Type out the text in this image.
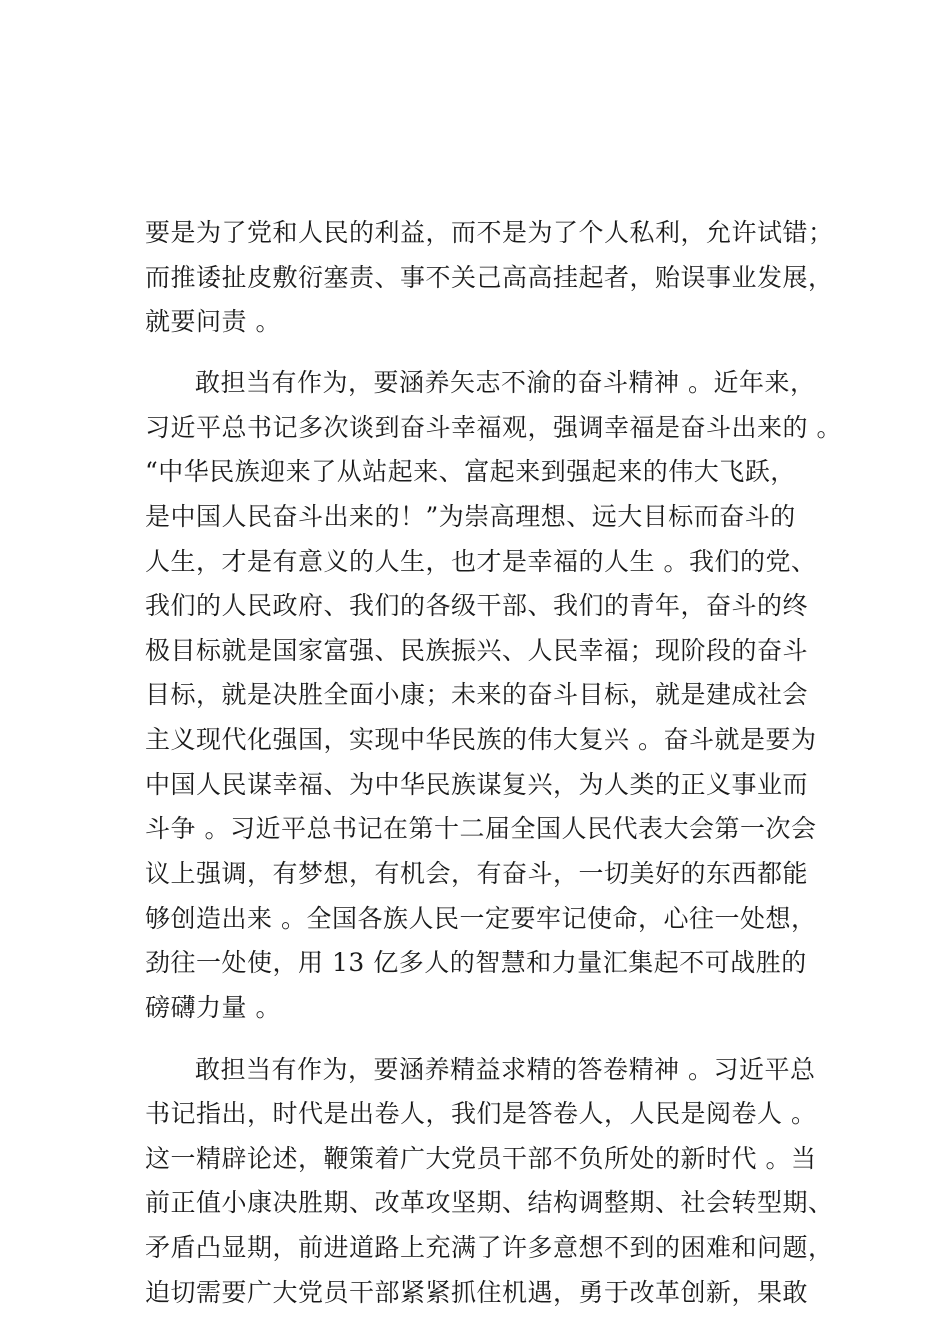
要是为了党和人民的利益，而不是为了个人私利，允许试错；
而推诿扯皮敷衍塞责、事不关己高高挂起者，贻误事业发展，
就要问责 。
敢担当有作为，要涵养矢志不渝的奋斗精神 。近年来，
习近平总书记多次谈到奋斗幸福观，强调幸福是奋斗出来的 。
“中华民族迎来了从站起来、富起来到强起来的伟大飞跃，
是中国人民奋斗出来的！”为崇高理想、远大目标而奋斗的
人生，才是有意义的人生，也才是幸福的人生 。我们的党、
我们的人民政府、我们的各级干部、我们的青年，奋斗的终
极目标就是国家富强、民族振兴、人民幸福；现阶段的奋斗
目标，就是决胜全面小康；未来的奋斗目标，就是建成社会
主义现代化强国，实现中华民族的伟大复兴 。奋斗就是要为
中国人民谋幸福、为中华民族谋复兴，为人类的正义事业而
斗争 。习近平总书记在第十二届全国人民代表大会第一次会
议上强调，有梦想，有机会，有奋斗，一切美好的东西都能
够创造出来 。全国各族人民一定要牢记使命，心往一处想，
劲往一处使，用 13 亿多人的智慧和力量汇集起不可战胜的
磅礴力量 。
敢担当有作为，要涵养精益求精的答卷精神 。习近平总
书记指出，时代是出卷人，我们是答卷人，人民是阅卷人 。
这一精辟论述，鞭策着广大党员干部不负所处的新时代 。当
前正值小康决胜期、改革攻坚期、结构调整期、社会转型期、
矛盾凸显期，前进道路上充满了许多意想不到的困难和问题，
迫切需要广大党员干部紧紧抓住机遇，勇于改革创新，果敢
